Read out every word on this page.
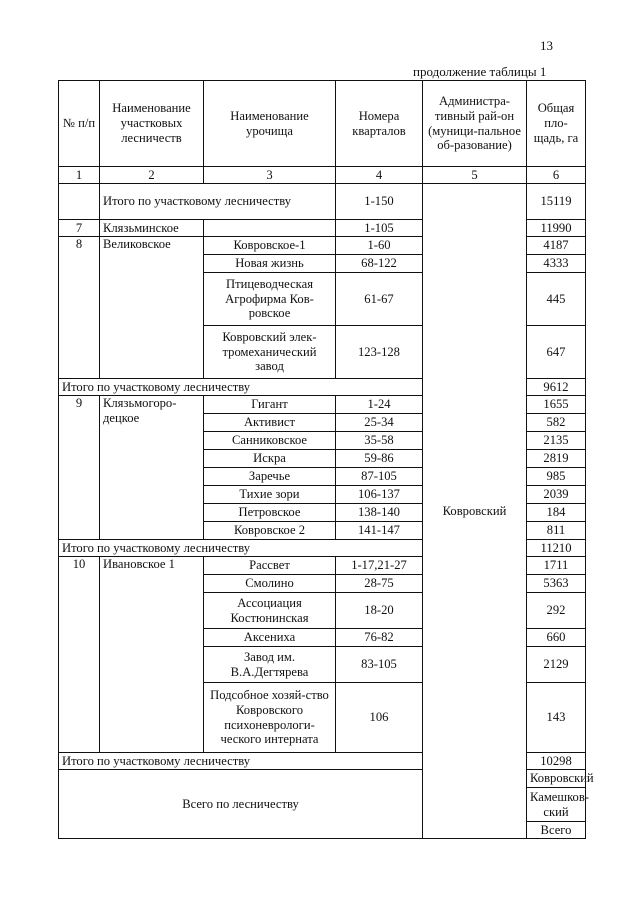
13
продолжение таблицы 1
№ п/п	Наименование участковых лесничеств	Наименование урочища	Номера кварталов	Администра-тивный рай-он (муници-пальное об-разование)	Общая пло-щадь, га	
1	2	3	4	5	6	
	Итого по участковому лесничеству		1-150	Ковровский	15119	
7	Клязьминское		1-105		11990	
8	Великовское	Ковровское-1	1-60		4187	
		Новая жизнь	68-122		4333	
		Птицеводческая Агрофирма Ков-ровское	61-67		445	
		Ковровский элек-тромеханический завод	123-128		647	
Итого по участковому лесничеству					9612	
9	Клязьмогоро-децкое	Гигант	1-24		1655	
		Активист	25-34		582	
		Санниковское	35-58		2135	
		Искра	59-86		2819	
		Заречье	87-105		985	
		Тихие зори	106-137		2039	
		Петровское	138-140		184	
		Ковровское 2	141-147		811	
Итого по участковому лесничеству					11210	
10	Ивановское 1	Рассвет	1-17,21-27		1711	
		Смолино	28-75		5363	
		Ассоциация Костюнинская	18-20		292	
		Аксениха	76-82		660	
		Завод им. В.А.Дегтярева	83-105		2129	
		Подсобное хозяй-ство Ковровского психоневрологи-ческого интерната	106		143	
Итого по участковому лесничеству					10298	
Всего по лесничеству					Ковровский	
					Камешков-ский	
					Всего	
